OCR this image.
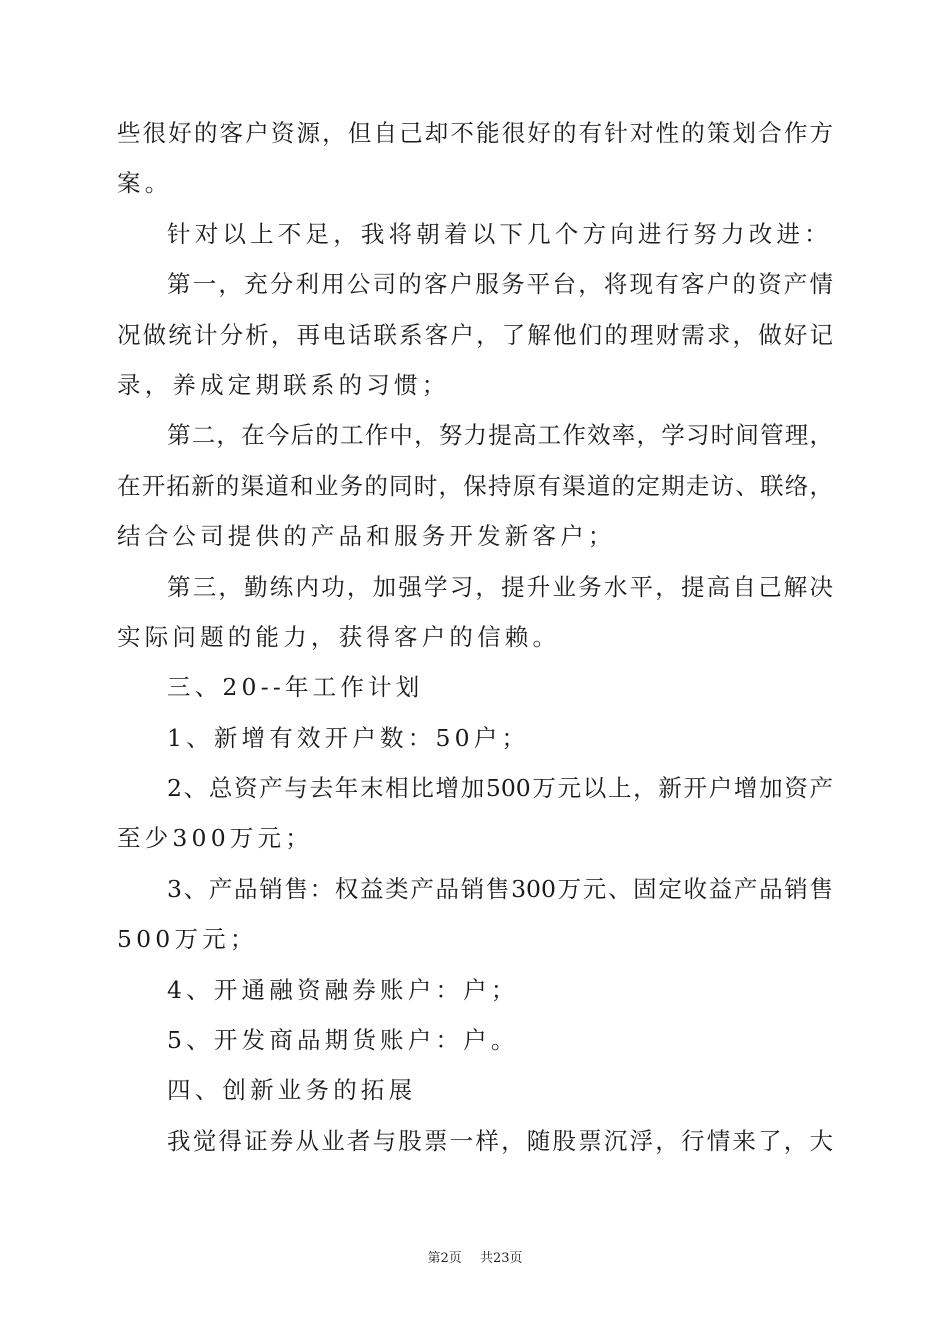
些很好的客户资源，但自己却不能很好的有针对性的策划合作方
案。
针对以上不足，我将朝着以下几个方向进行努力改进：
第一，充分利用公司的客户服务平台，将现有客户的资产情
况做统计分析，再电话联系客户，了解他们的理财需求，做好记
录，养成定期联系的习惯；
第二，在今后的工作中，努力提高工作效率，学习时间管理，
在开拓新的渠道和业务的同时，保持原有渠道的定期走访、联络，
结合公司提供的产品和服务开发新客户；
第三，勤练内功，加强学习，提升业务水平，提高自己解决
实际问题的能力，获得客户的信赖。
三、20--年工作计划
1、新增有效开户数：50户；
2、总资产与去年末相比增加500万元以上，新开户增加资产
至少300万元；
3、产品销售：权益类产品销售300万元、固定收益产品销售
500万元；
4、开通融资融券账户：户；
5、开发商品期货账户：户。
四、创新业务的拓展
我觉得证券从业者与股票一样，随股票沉浮，行情来了，大
第2页 共23页
